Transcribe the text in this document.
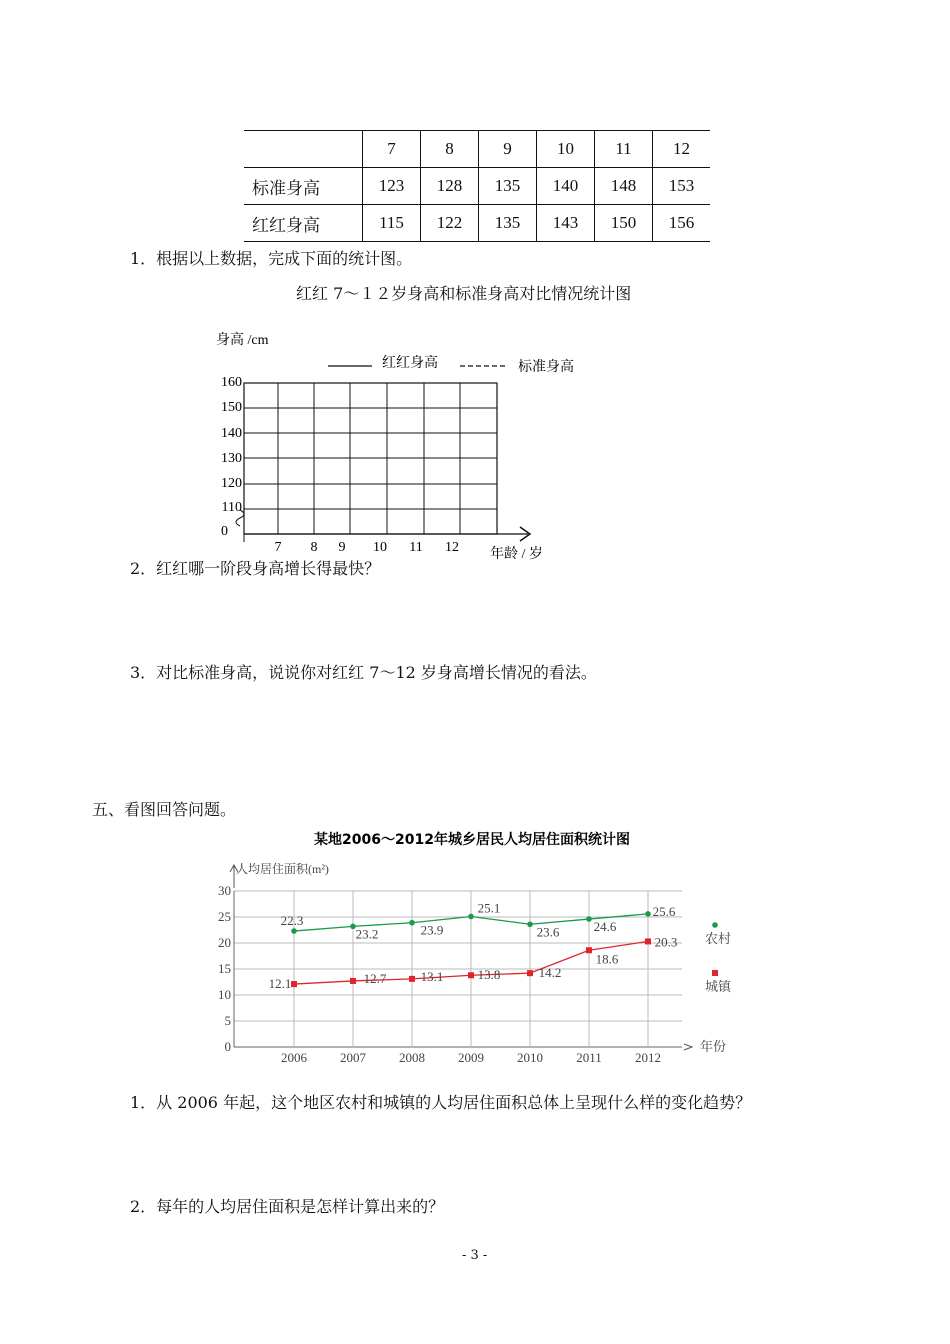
	7	8	9	10	11	12
标准身高	123	128	135	140	148	153
红红身高	115	122	135	143	150	156
1．根据以上数据，完成下面的统计图。
红红 7～１２岁身高和标准身高对比情况统计图
身高 /cm
红红身高	标准身高
160
150
140
130
120
110
0
7 8 9 10 11 12 年龄 / 岁
2．红红哪一阶段身高增长得最快？
3．对比标准身高，说说你对红红 7～12 岁身高增长情况的看法。
五、看图回答问题。
某地2006～2012年城乡居民人均居住面积统计图
人均居住面积(m²)
30
25
20
15
10
5
0
2006	2007	2008	2009	2010	2011	2012
22.3
23.2	23.9
25.1
23.6	24.6
25.6
12.1	12.7	13.1	13.8	14.2
18.6
20.3
年份
农村
城镇
1．从 2006 年起，这个地区农村和城镇的人均居住面积总体上呈现什么样的变化趋势？
2．每年的人均居住面积是怎样计算出来的？
- 3 -
